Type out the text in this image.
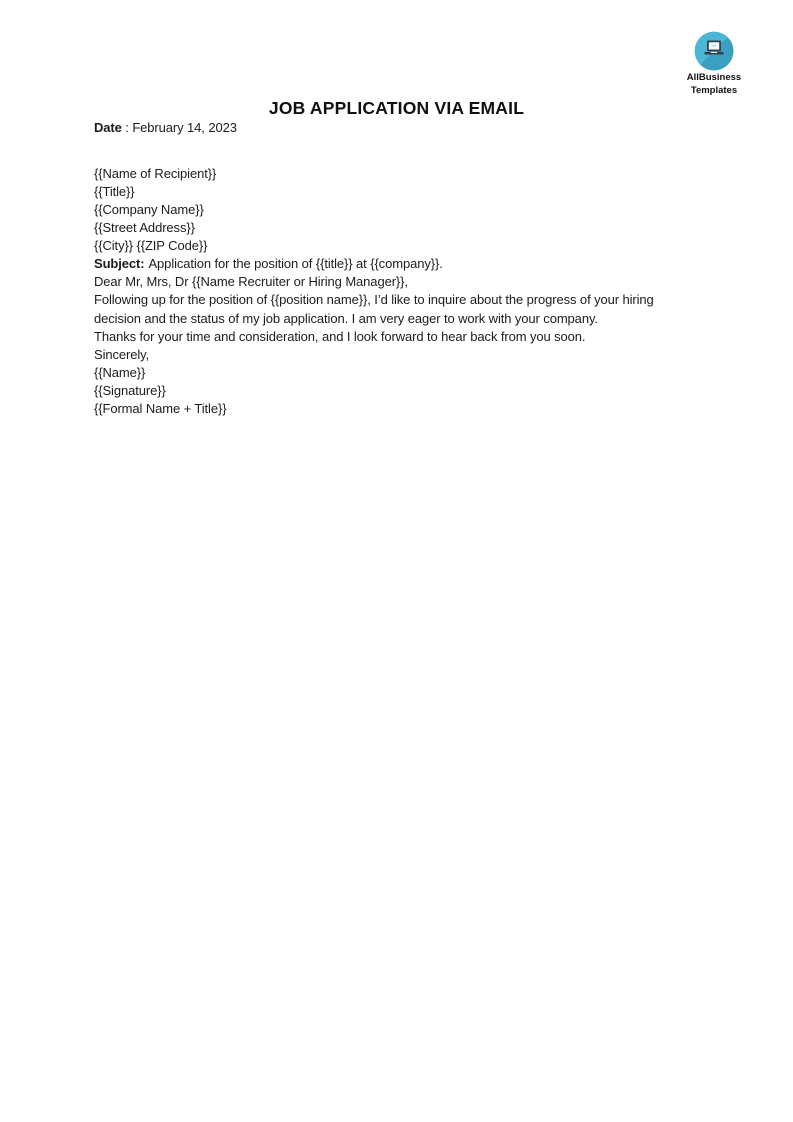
AllBusiness
Templates
JOB APPLICATION VIA EMAIL

Date : February 14, 2023

{{Name of Recipient}}

{{Title}}

{{Company Name}}

{{Street Address}}

{{City}} {{ZIP Code}}

Subject: Application for the position of {{title}} at {{company}}.

Dear Mr, Mrs, Dr {{Name Recruiter or Hiring Manager}},

Following up for the position of {{position name}}, I’d like to inquire about the progress of your hiring decision and the status of my job application. I am very eager to work with your company.

Thanks for your time and consideration, and I look forward to hear back from you soon.

Sincerely,

{{Name}}

{{Signature}}

{{Formal Name + Title}}
